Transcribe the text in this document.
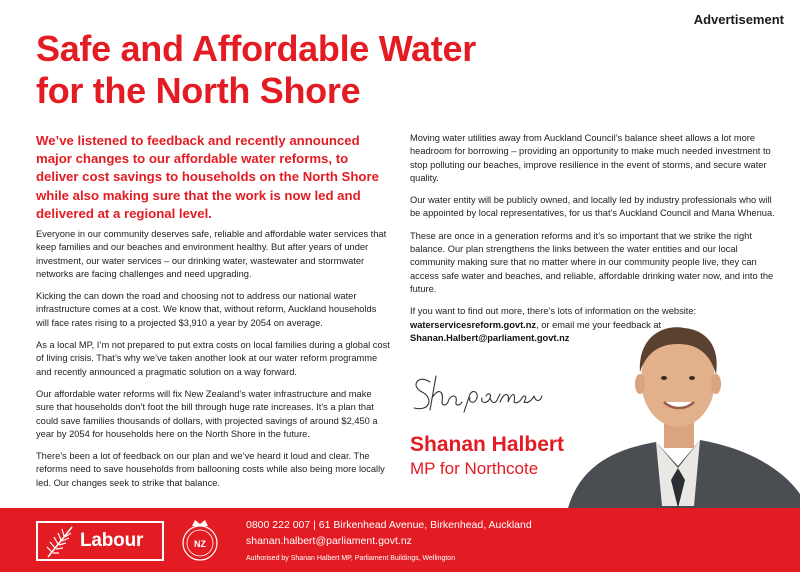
Advertisement
Safe and Affordable Water
for the North Shore
We’ve listened to feedback and recently announced major changes to our affordable water reforms, to deliver cost savings to households on the North Shore while also making sure that the work is now led and delivered at a regional level.

Everyone in our community deserves safe, reliable and affordable water services that keep families and our beaches and environment healthy. But after years of under investment, our water services – our drinking water, wastewater and stormwater networks are facing challenges and need upgrading.

Kicking the can down the road and choosing not to address our national water infrastructure comes at a cost. We know that, without reform, Auckland households will face rates rising to a projected $3,910 a year by 2054 on average.

As a local MP, I’m not prepared to put extra costs on local families during a global cost of living crisis. That’s why we’ve taken another look at our water reform programme and recently announced a pragmatic solution on a way forward.

Our affordable water reforms will fix New Zealand’s water infrastructure and make sure that households don’t foot the bill through huge rate increases. It’s a plan that could save families thousands of dollars, with projected savings of around $2,450 a year by 2054 for households here on the North Shore in the future.

There’s been a lot of feedback on our plan and we’ve heard it loud and clear. The reforms need to save households from ballooning costs while also being more locally led. Our changes seek to strike that balance.

Moving water utilities away from Auckland Council’s balance sheet allows a lot more headroom for borrowing – providing an opportunity to make much needed investment to stop polluting our beaches, improve resilience in the event of storms, and secure water quality.

Our water entity will be publicly owned, and locally led by industry professionals who will be appointed by local representatives, for us that’s Auckland Council and Mana Whenua.

These are once in a generation reforms and it’s so important that we strike the right balance. Our plan strengthens the links between the water entities and our local community making sure that no matter where in our community people live, they can access safe water and beaches, and reliable, affordable drinking water now, and into the future.

If you want to find out more, there’s lots of information on the website: waterservicesreform.govt.nz, or email me your feedback at Shanan.Halbert@parliament.govt.nz

Shanan Halbert
MP for Northcote
Labour	NZ
0800 222 007 | 61 Birkenhead Avenue, Birkenhead, Auckland
shanan.halbert@parliament.govt.nz
Authorised by Shanan Halbert MP, Parliament Buildings, Wellington
